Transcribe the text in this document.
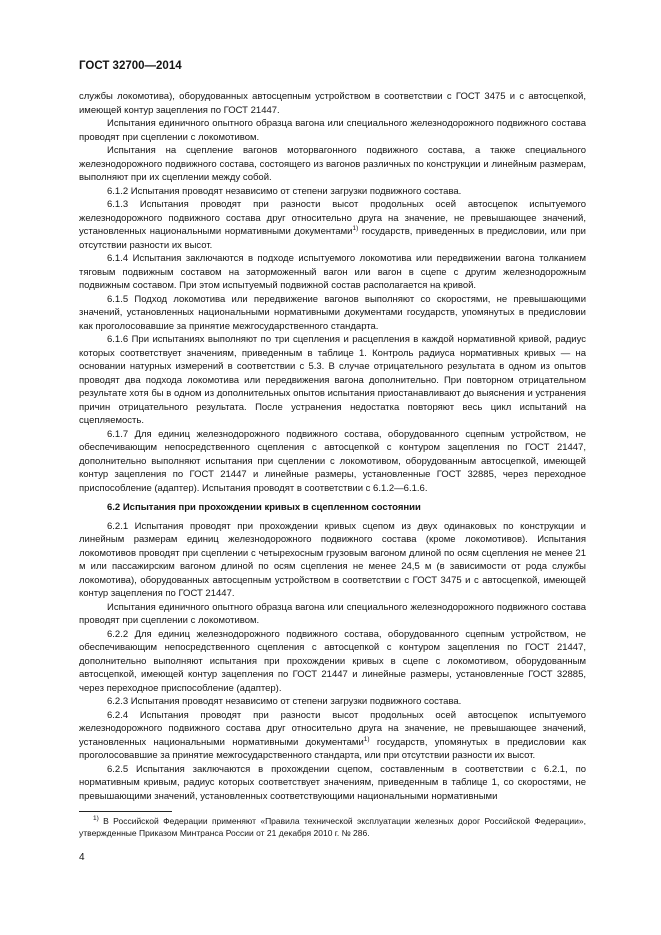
ГОСТ 32700—2014

службы локомотива), оборудованных автосцепным устройством в соответствии с ГОСТ 3475 и с автосцепкой, имеющей контур зацепления по ГОСТ 21447.

Испытания единичного опытного образца вагона или специального железнодорожного подвижного состава проводят при сцеплении с локомотивом.

Испытания на сцепление вагонов моторвагонного подвижного состава, а также специального железнодорожного подвижного состава, состоящего из вагонов различных по конструкции и линейным размерам, выполняют при их сцеплении между собой.

6.1.2 Испытания проводят независимо от степени загрузки подвижного состава.

6.1.3 Испытания проводят при разности высот продольных осей автосцепок испытуемого железнодорожного подвижного состава друг относительно друга на значение, не превышающее значений, установленных национальными нормативными документами$^{1)}$ государств, приведенных в предисловии, или при отсутствии разности их высот.

6.1.4 Испытания заключаются в подходе испытуемого локомотива или передвижении вагона толканием тяговым подвижным составом на заторможенный вагон или вагон в сцепе с другим железнодорожным подвижным составом. При этом испытуемый подвижной состав располагается на кривой.

6.1.5 Подход локомотива или передвижение вагонов выполняют со скоростями, не превышающими значений, установленных национальными нормативными документами государств, упомянутых в предисловии как проголосовавшие за принятие межгосударственного стандарта.

6.1.6 При испытаниях выполняют по три сцепления и расцепления в каждой нормативной кривой, радиус которых соответствует значениям, приведенным в таблице 1. Контроль радиуса нормативных кривых — на основании натурных измерений в соответствии с 5.3. В случае отрицательного результата в одном из опытов проводят два подхода локомотива или передвижения вагона дополнительно. При повторном отрицательном результате хотя бы в одном из дополнительных опытов испытания приостанавливают до выяснения и устранения причин отрицательного результата. После устранения недостатка повторяют весь цикл испытаний на сцепляемость.

6.1.7 Для единиц железнодорожного подвижного состава, оборудованного сцепным устройством, не обеспечивающим непосредственного сцепления с автосцепкой с контуром зацепления по ГОСТ 21447, дополнительно выполняют испытания при сцеплении с локомотивом, оборудованным автосцепкой, имеющей контур зацепления по ГОСТ 21447 и линейные размеры, установленные ГОСТ 32885, через переходное приспособление (адаптер). Испытания проводят в соответствии с 6.1.2—6.1.6.

6.2 Испытания при прохождении кривых в сцепленном состоянии

6.2.1 Испытания проводят при прохождении кривых сцепом из двух одинаковых по конструкции и линейным размерам единиц железнодорожного подвижного состава (кроме локомотивов). Испытания локомотивов проводят при сцеплении с четырехосным грузовым вагоном длиной по осям сцепления не менее 21 м или пассажирским вагоном длиной по осям сцепления не менее 24,5 м (в зависимости от рода службы локомотива), оборудованных автосцепным устройством в соответствии с ГОСТ 3475 и с автосцепкой, имеющей контур зацепления по ГОСТ 21447.

Испытания единичного опытного образца вагона или специального железнодорожного подвижного состава проводят при сцеплении с локомотивом.

6.2.2 Для единиц железнодорожного подвижного состава, оборудованного сцепным устройством, не обеспечивающим непосредственного сцепления с автосцепкой с контуром зацепления по ГОСТ 21447, дополнительно выполняют испытания при прохождении кривых в сцепе с локомотивом, оборудованным автосцепкой, имеющей контур зацепления по ГОСТ 21447 и линейные размеры, установленные ГОСТ 32885, через переходное приспособление (адаптер).

6.2.3 Испытания проводят независимо от степени загрузки подвижного состава.

6.2.4 Испытания проводят при разности высот продольных осей автосцепок испытуемого железнодорожного подвижного состава друг относительно друга на значение, не превышающее значений, установленных национальными нормативными документами$^{1)}$ государств, упомянутых в предисловии как проголосовавшие за принятие межгосударственного стандарта, или при отсутствии разности их высот.

6.2.5 Испытания заключаются в прохождении сцепом, составленным в соответствии с 6.2.1, по нормативным кривым, радиус которых соответствует значениям, приведенным в таблице 1, со скоростями, не превышающими значений, установленных соответствующими национальными нормативными

$^{1)}$ В Российской Федерации применяют «Правила технической эксплуатации железных дорог Российской Федерации», утвержденные Приказом Минтранса России от 21 декабря 2010 г. № 286.

4
